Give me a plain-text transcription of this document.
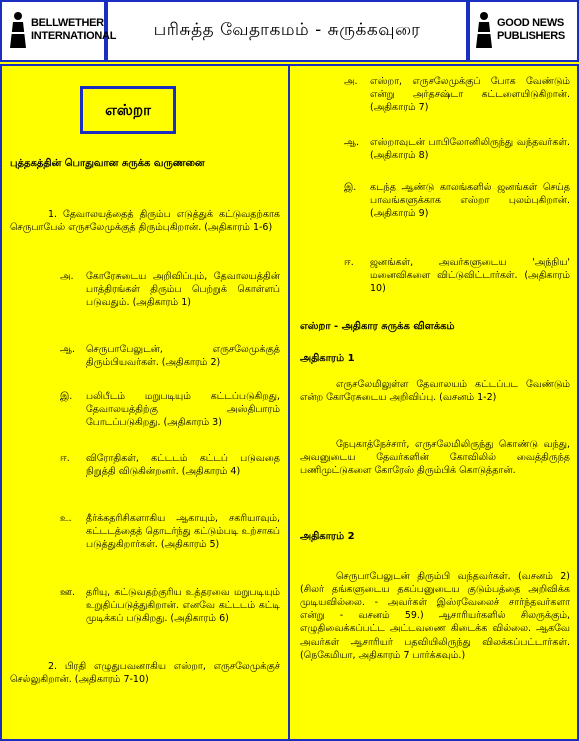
BELLWETHER
INTERNATIONAL	பரிசுத்த வேதாகமம் - சுருக்கவுரை	GOOD NEWS
PUBLISHERS
எஸ்றா
புத்தகத்தின் பொதுவான சுருக்க வருணனை
1. தேவாலயத்தைத் திரும்ப எடுத்துக் கட்டுவதற்காக செருபாபேல் எருசலேமுக்குத் திரும்புகிறான். (அதிகாரம் 1-6)
அ.	கோரேசுடைய அறிவிப்பும், தேவாலயத்தின் பாத்திரங்கள் திரும்ப பெற்றுக் கொள்ளப் படுவதும். (அதிகாரம் 1)
ஆ.	செருபாபேலுடன், எருசலேமுக்குத் திரும்பியவர்கள். (அதிகாரம் 2)
இ.	பலிபீடம் மறுபடியும் கட்டப்படுகிறது, தேவாலயத்திற்கு அஸ்திபாரம் போடப்படுகிறது. (அதிகாரம் 3)
ஈ.	விரோதிகள், கட்டடம் கட்டப் படுவதை நிறுத்தி விடுகின்றனர். (அதிகாரம் 4)
உ.	தீர்க்கதரிசிகளாகிய ஆகாயும், சகரியாவும், கட்டடத்தைத் தொடர்ந்து கட்டும்படி உற்சாகப் படுத்துகிறார்கள். (அதிகாரம் 5)
ஊ.	தரியு, கட்டுவதற்குரிய உத்தரவை மறுபடியும் உறுதிப்படுத்துகிறான். எனவே கட்டடம் கட்டி முடிக்கப் படுகிறது. (அதிகாரம் 6)
2. பிரதி எழுதுபவனாகிய எஸ்றா, எருசலேமுக்குச் செல்லுகிறான். (அதிகாரம் 7-10)
அ.	எஸ்றா, எருசலேமுக்குப் போக வேண்டும் என்று அர்தசஷ்டா கட்டளையிடுகிறான். (அதிகாரம் 7)
ஆ.	எஸ்றாவுடன் பாபிலோனிலிருந்து வந்தவர்கள். (அதிகாரம் 8)
இ.	கடந்த ஆண்டு காலங்களில் ஜனங்கள் செய்த பாவங்களுக்காக எஸ்றா புலம்புகிறான். (அதிகாரம் 9)
ஈ.	ஜனங்கள், அவர்களுடைய 'அந்நிய' மனைவிகளை விட்டுவிட்டார்கள். (அதிகாரம் 10)
எஸ்றா - அதிகார சுருக்க விளக்கம்
அதிகாரம் 1
எருசலேமிலுள்ள தேவாலயம் கட்டப்பட வேண்டும் என்ற கோரேசுடைய அறிவிப்பு. (வசனம் 1-2)
நேபுகாத்நேச்சார், எருசலேமிலிருந்து கொண்டு வந்து, அவனுடைய தேவர்களின் கோவிலில் வைத்திருந்த பணிமுட்டுகளை கோரேஸ் திரும்பிக் கொடுத்தான்.
அதிகாரம் 2
செருபாபேலுடன் திரும்பி வந்தவர்கள். (வசனம் 2) (சிலர் தங்களுடைய தகப்பனுடைய குடும்பத்தை அறிவிக்க முடியவில்லை. - அவர்கள் இஸ்ரவேலைச் சார்ந்தவர்களா என்று - வசனம் 59.) ஆசாரியர்களில் சிலருக்கும், எழுதிவைக்கப்பட்ட அட்டவணை கிடைக்க வில்லை. ஆகவே அவர்கள் ஆசாரியர் பதவியிலிருந்து விலக்கப்பட்டார்கள். (நெகேமியா, அதிகாரம் 7 பார்க்கவும்.)
